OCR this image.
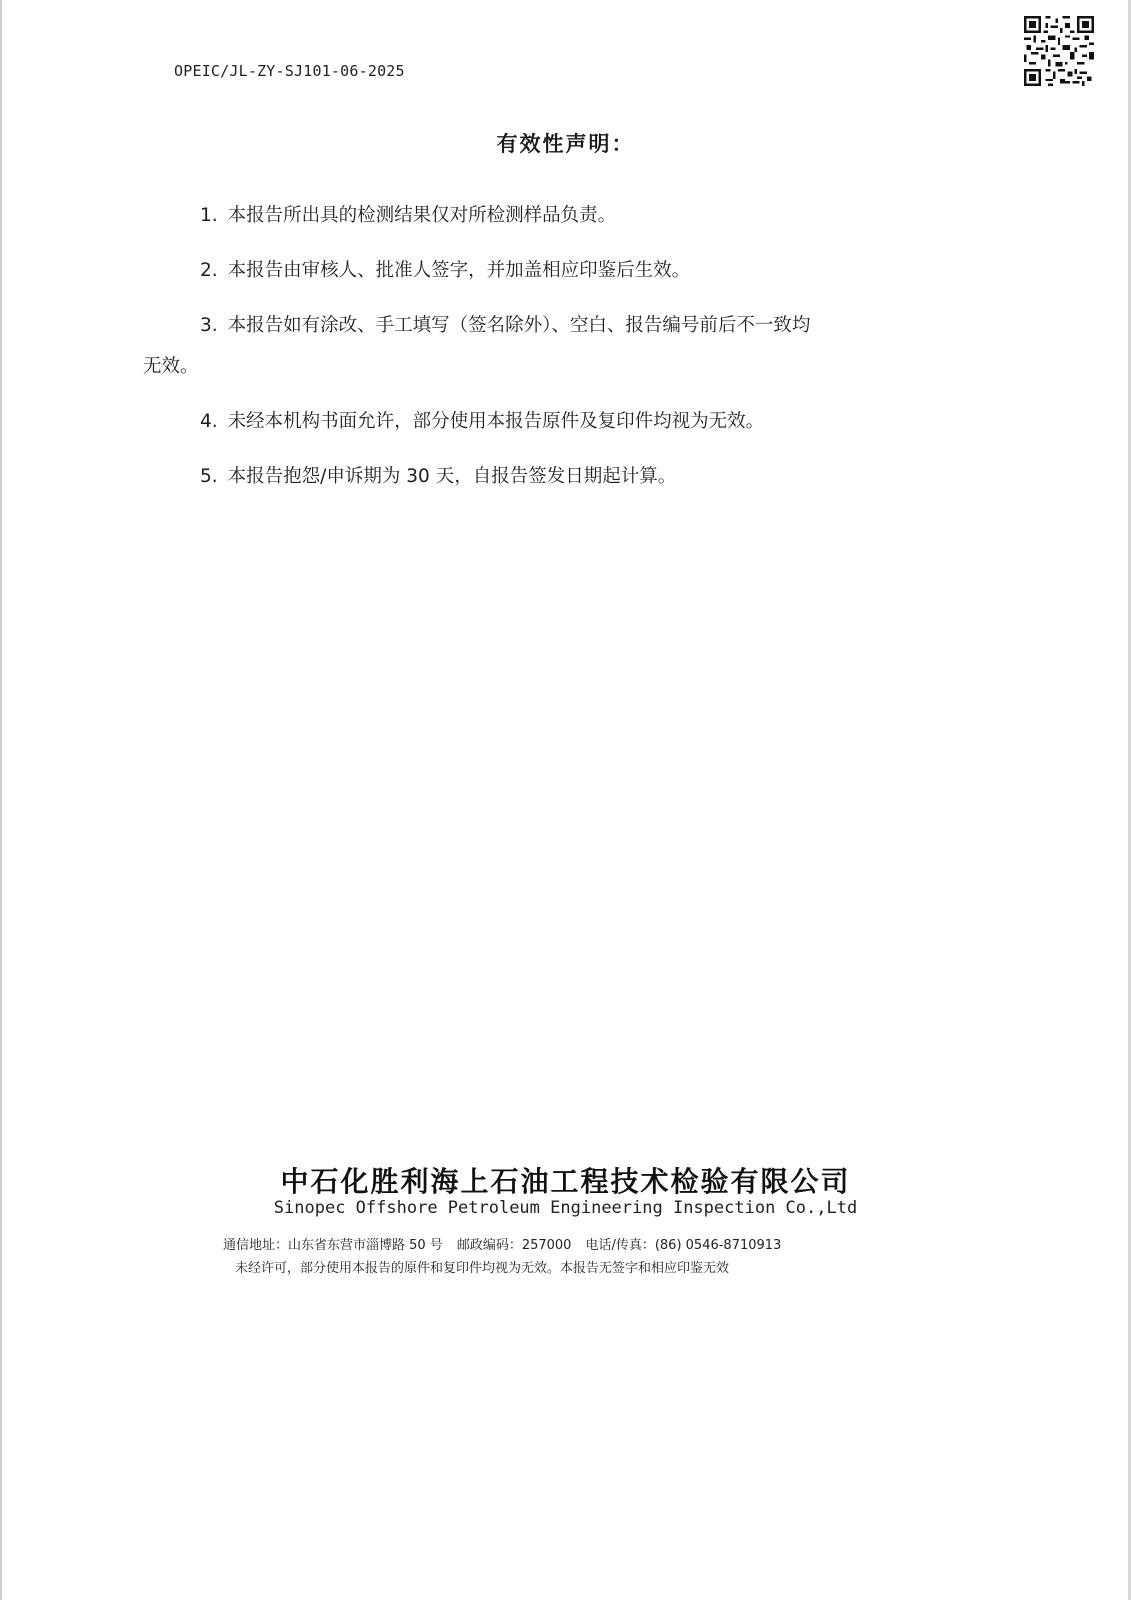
OPEIC/JL-ZY-SJ101-06-2025
有效性声明：
1. 本报告所出具的检测结果仅对所检测样品负责。
2. 本报告由审核人、批准人签字，并加盖相应印鉴后生效。
3. 本报告如有涂改、手工填写（签名除外）、空白、报告编号前后不一致均
无效。
4. 未经本机构书面允许，部分使用本报告原件及复印件均视为无效。
5. 本报告抱怨/申诉期为 30 天，自报告签发日期起计算。
中石化胜利海上石油工程技术检验有限公司
Sinopec Offshore Petroleum Engineering Inspection Co.,Ltd
通信地址：山东省东营市淄博路 50 号 邮政编码：257000 电话/传真：(86) 0546-8710913
未经许可，部分使用本报告的原件和复印件均视为无效。本报告无签字和相应印鉴无效
